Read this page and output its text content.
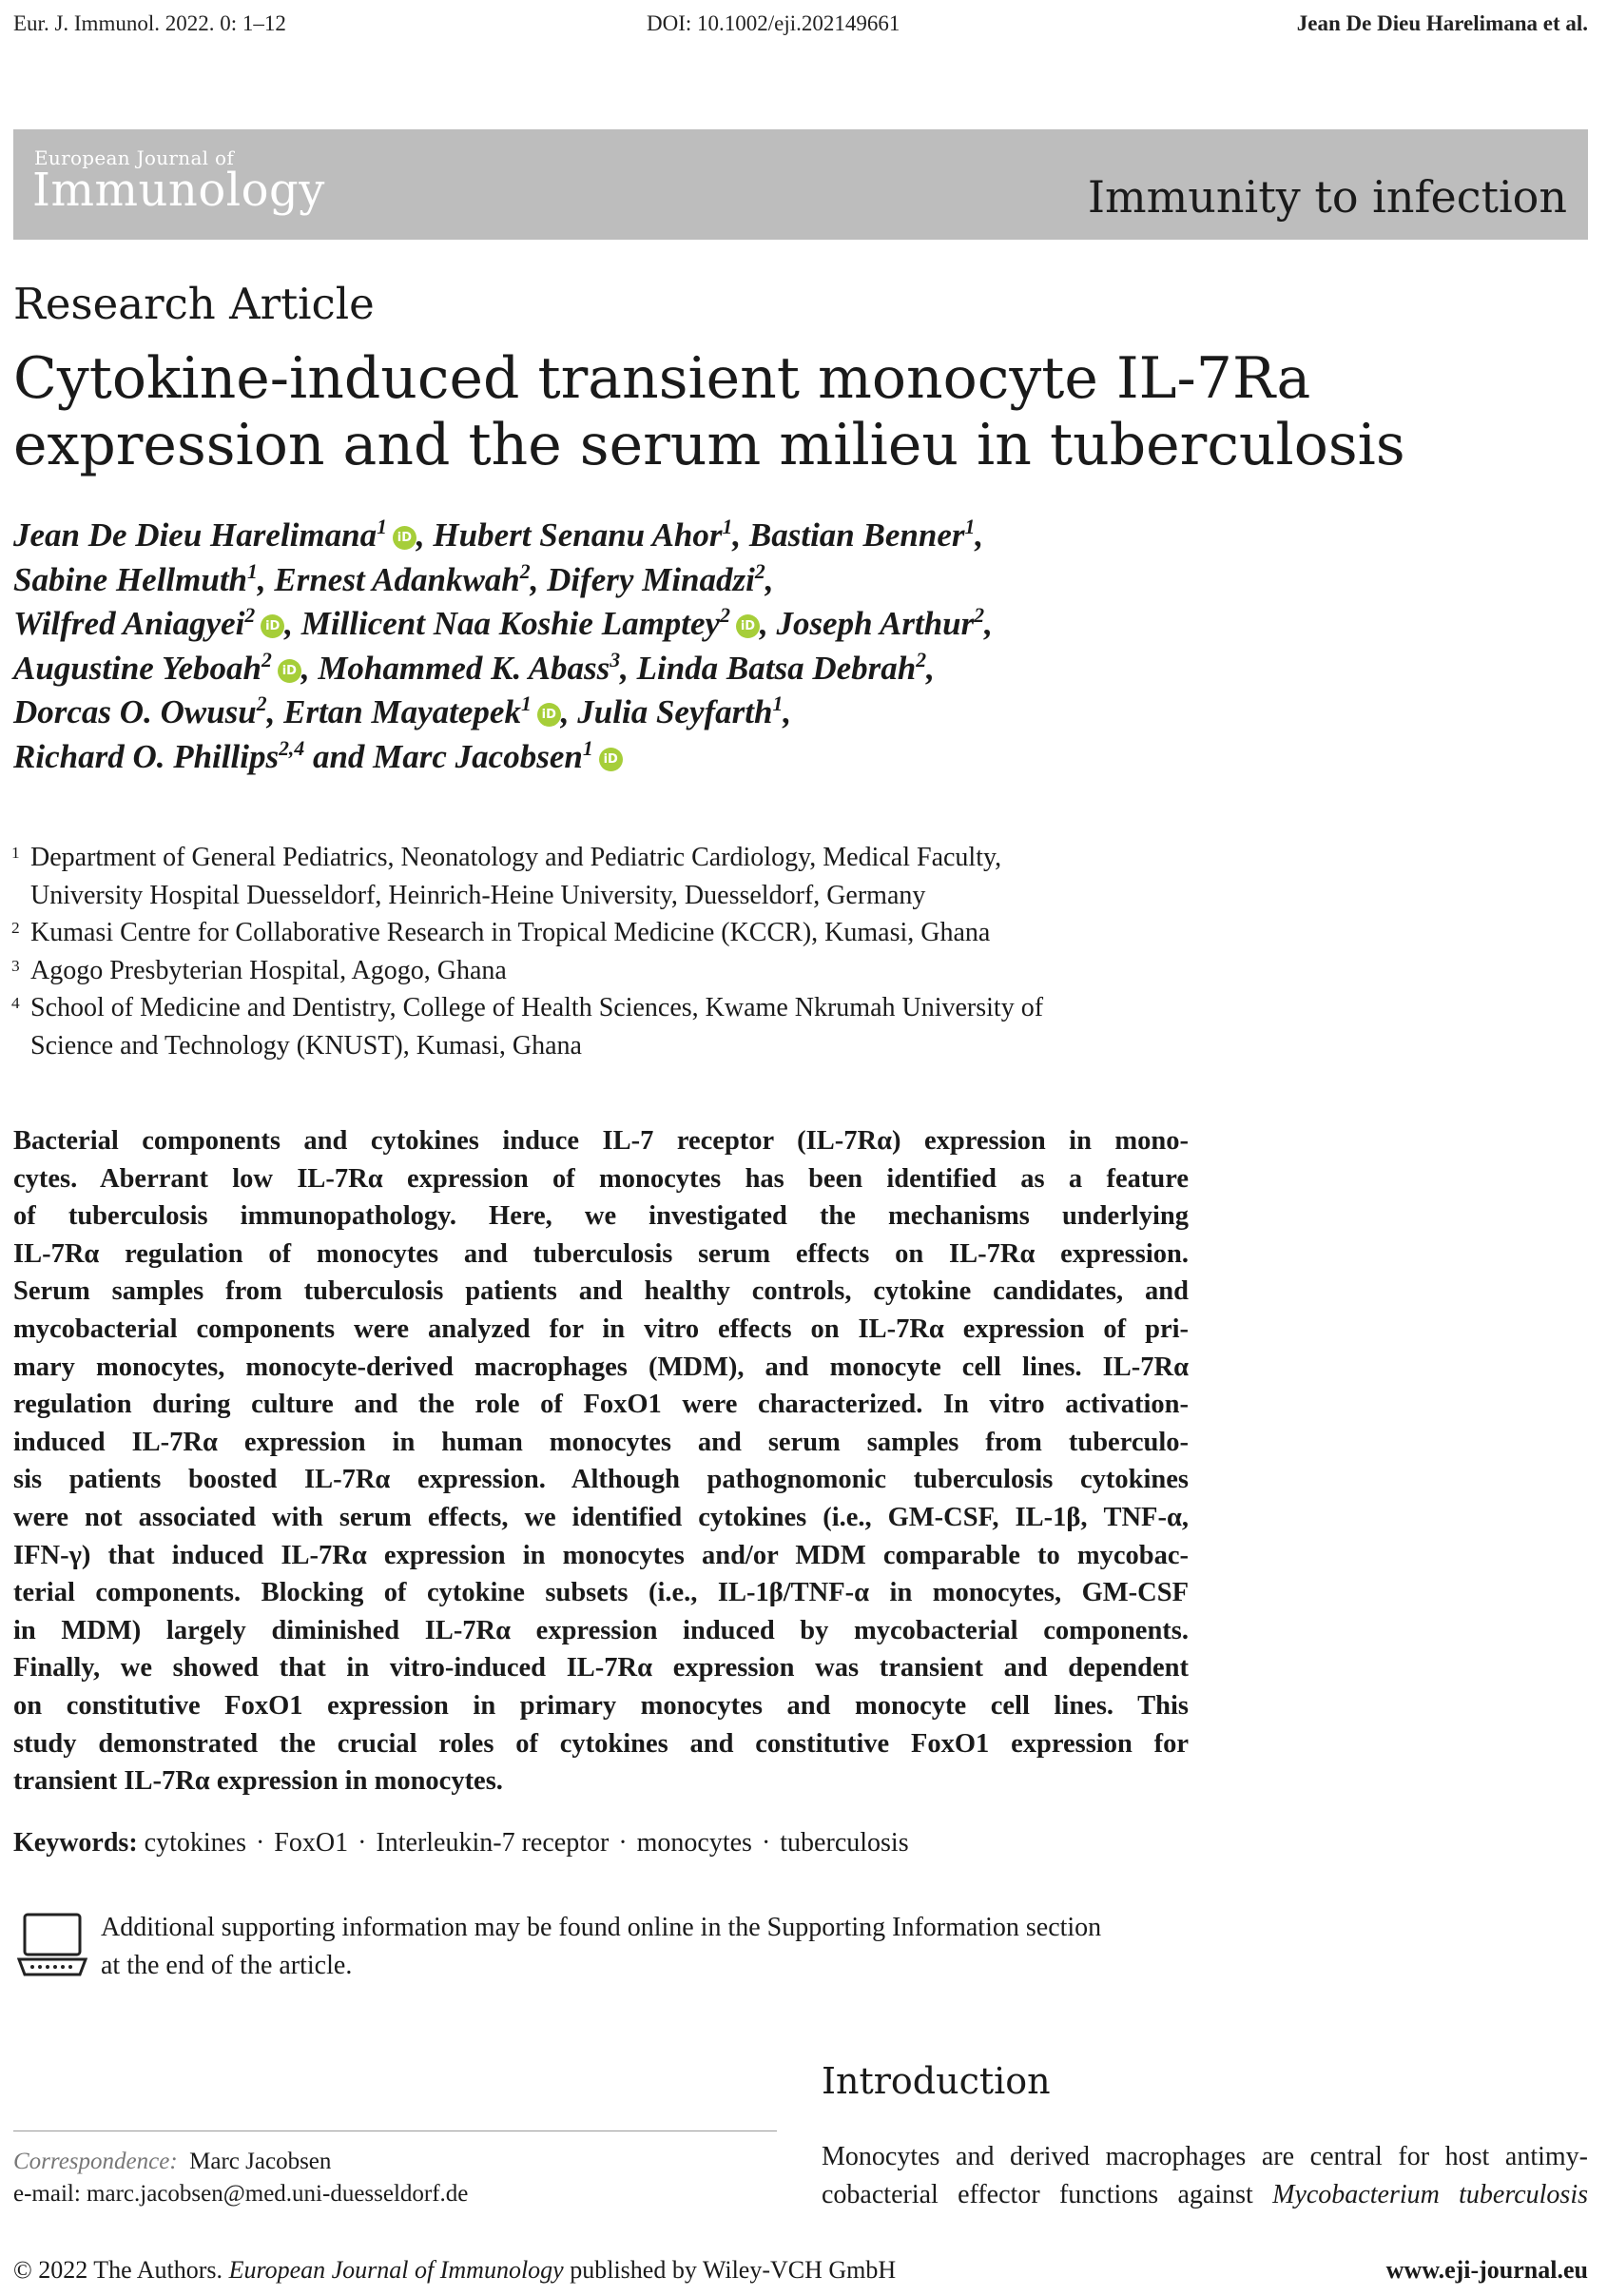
Eur. J. Immunol. 2022. 0: 1–12	DOI: 10.1002/eji.202149661	Jean De Dieu Harelimana et al.
European Journal of
Immunology	Immunity to infection
Research Article
Cytokine-induced transient monocyte IL-7Ra
expression and the serum milieu in tuberculosis
Jean De Dieu Harelimana$^1$ iD , Hubert Senanu Ahor$^1$, Bastian Benner$^1$,
Sabine Hellmuth$^1$, Ernest Adankwah$^2$, Difery Minadzi$^2$,
Wilfred Aniagyei$^2$ iD , Millicent Naa Koshie Lamptey$^2$ iD , Joseph Arthur$^2$,
Augustine Yeboah$^2$ iD , Mohammed K. Abass$^3$, Linda Batsa Debrah$^2$,
Dorcas O. Owusu$^2$, Ertan Mayatepek$^1$ iD , Julia Seyfarth$^1$,
Richard O. Phillips$^{2,4}$ and Marc Jacobsen$^1$ iD
1 Department of General Pediatrics, Neonatology and Pediatric Cardiology, Medical Faculty,
University Hospital Duesseldorf, Heinrich-Heine University, Duesseldorf, Germany
2 Kumasi Centre for Collaborative Research in Tropical Medicine (KCCR), Kumasi, Ghana
3 Agogo Presbyterian Hospital, Agogo, Ghana
4 School of Medicine and Dentistry, College of Health Sciences, Kwame Nkrumah University of
Science and Technology (KNUST), Kumasi, Ghana
Bacterial components and cytokines induce IL-7 receptor (IL-7Rα) expression in mono-
cytes. Aberrant low IL-7Rα expression of monocytes has been identified as a feature
of tuberculosis immunopathology. Here, we investigated the mechanisms underlying
IL-7Rα regulation of monocytes and tuberculosis serum effects on IL-7Rα expression.
Serum samples from tuberculosis patients and healthy controls, cytokine candidates, and
mycobacterial components were analyzed for in vitro effects on IL-7Rα expression of pri-
mary monocytes, monocyte-derived macrophages (MDM), and monocyte cell lines. IL-7Rα
regulation during culture and the role of FoxO1 were characterized. In vitro activation-
induced IL-7Rα expression in human monocytes and serum samples from tuberculo-
sis patients boosted IL-7Rα expression. Although pathognomonic tuberculosis cytokines
were not associated with serum effects, we identified cytokines (i.e., GM-CSF, IL-1β, TNF-α,
IFN-γ) that induced IL-7Rα expression in monocytes and/or MDM comparable to mycobac-
terial components. Blocking of cytokine subsets (i.e., IL-1β/TNF-α in monocytes, GM-CSF
in MDM) largely diminished IL-7Rα expression induced by mycobacterial components.
Finally, we showed that in vitro-induced IL-7Rα expression was transient and dependent
on constitutive FoxO1 expression in primary monocytes and monocyte cell lines. This
study demonstrated the crucial roles of cytokines and constitutive FoxO1 expression for
transient IL-7Rα expression in monocytes.
Keywords: cytokines · FoxO1 · Interleukin-7 receptor · monocytes · tuberculosis
Additional supporting information may be found online in the Supporting Information section
at the end of the article.
Introduction
Correspondence: Marc Jacobsen
e-mail: marc.jacobsen@med.uni-duesseldorf.de
Monocytes and derived macrophages are central for host antimy-
cobacterial effector functions against Mycobacterium tuberculosis
© 2022 The Authors. European Journal of Immunology published by Wiley-VCH GmbH	www.eji-journal.eu
